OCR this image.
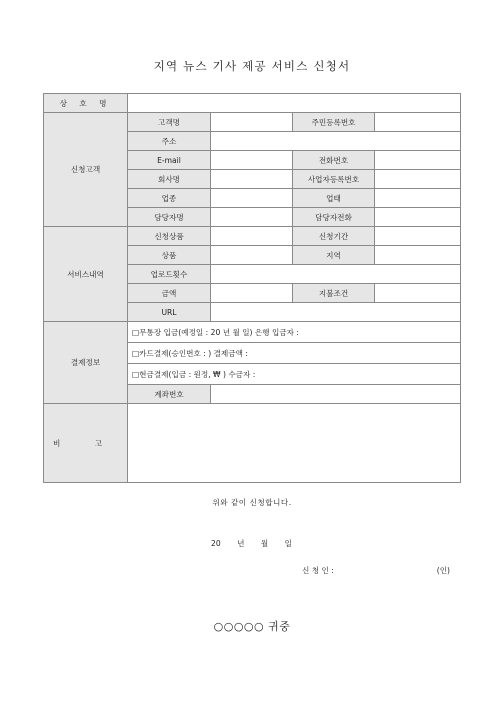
지역 뉴스 기사 제공 서비스 신청서
상 호 명				
신청고객	고객명		주민등록번호	
	주소			
	E-mail		전화번호	
	회사명		사업자등록번호	
	업종		업태	
	담당자명		담당자전화	
서비스내역	신청상품		신청기간	
	상품		지역	
	업로드횟수			
	금액		지불조건	
	URL			
결제정보	□무통장 입금(예정일 : 20 년 월 일) 은행 입금자 :			
	□카드결제(승인번호 : ) 결제금액 :			
	□현금결제(입금 : 원정, ₩ ) 수금자 :			
	계좌번호			
비 고				
위와 같이 신청합니다.
20 년 월 일
신 청 인 :	(인)
○○○○○ 귀중
